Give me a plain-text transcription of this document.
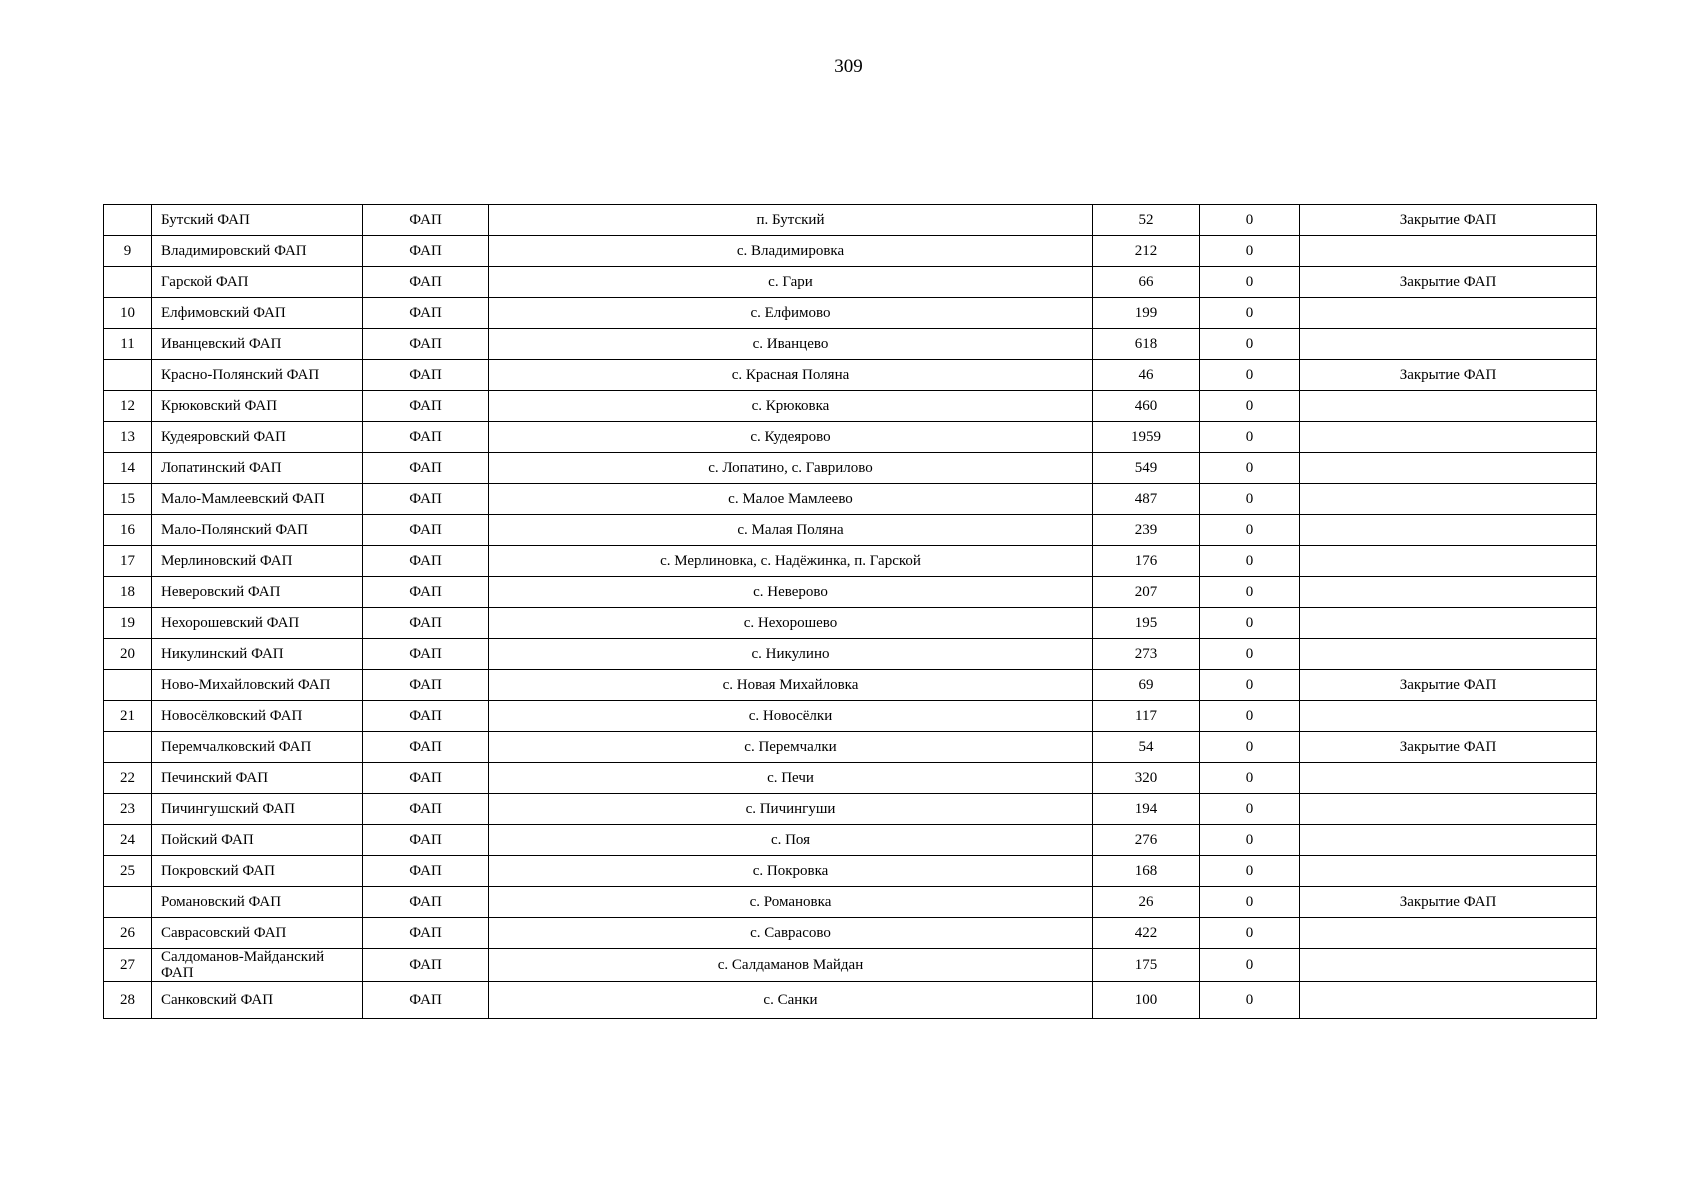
309
	Бутский ФАП	ФАП	п. Бутский	52	0	Закрытие ФАП
9	Владимировский ФАП	ФАП	с. Владимировка	212	0	
	Гарской ФАП	ФАП	с. Гари	66	0	Закрытие ФАП
10	Елфимовский ФАП	ФАП	с. Елфимово	199	0	
11	Иванцевский ФАП	ФАП	с. Иванцево	618	0	
	Красно-Полянский ФАП	ФАП	с. Красная Поляна	46	0	Закрытие ФАП
12	Крюковский ФАП	ФАП	с. Крюковка	460	0	
13	Кудеяровский ФАП	ФАП	с. Кудеярово	1959	0	
14	Лопатинский ФАП	ФАП	с. Лопатино, с. Гаврилово	549	0	
15	Мало-Мамлеевский ФАП	ФАП	с. Малое Мамлеево	487	0	
16	Мало-Полянский ФАП	ФАП	с. Малая Поляна	239	0	
17	Мерлиновский ФАП	ФАП	с. Мерлиновка, с. Надёжинка, п. Гарской	176	0	
18	Неверовский ФАП	ФАП	с. Неверово	207	0	
19	Нехорошевский ФАП	ФАП	с. Нехорошево	195	0	
20	Никулинский ФАП	ФАП	с. Никулино	273	0	
	Ново-Михайловский ФАП	ФАП	с. Новая Михайловка	69	0	Закрытие ФАП
21	Новосёлковский ФАП	ФАП	с. Новосёлки	117	0	
	Перемчалковский ФАП	ФАП	с. Перемчалки	54	0	Закрытие ФАП
22	Печинский ФАП	ФАП	с. Печи	320	0	
23	Пичингушский ФАП	ФАП	с. Пичингуши	194	0	
24	Пойский ФАП	ФАП	с. Поя	276	0	
25	Покровский ФАП	ФАП	с. Покровка	168	0	
	Романовский ФАП	ФАП	с. Романовка	26	0	Закрытие ФАП
26	Саврасовский ФАП	ФАП	с. Саврасово	422	0	
27	Салдоманов-Майданский ФАП	ФАП	с. Салдаманов Майдан	175	0	
28	Санковский ФАП	ФАП	с. Санки	100	0	
